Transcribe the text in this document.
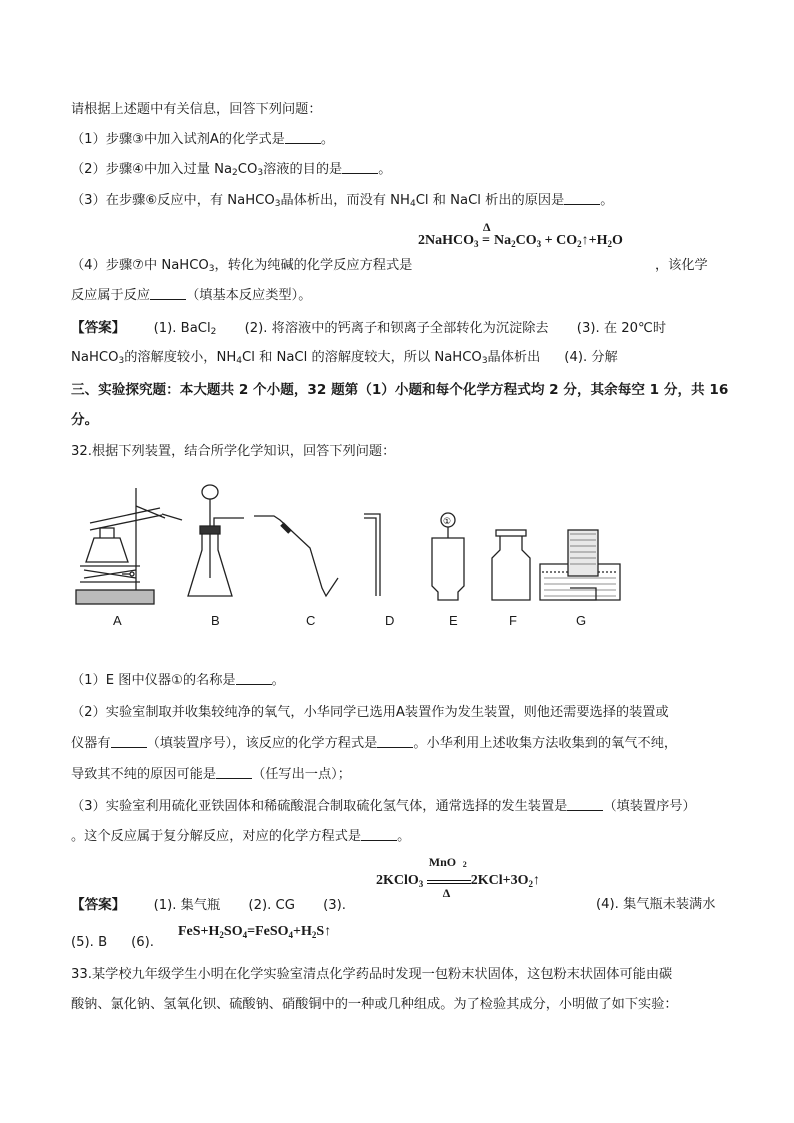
请根据上述题中有关信息，回答下列问题：
（1）步骤③中加入试剂A的化学式是	。
（2）步骤④中加入过量 $Na_2CO_3$溶液的目的是	。
（3）在步骤⑥反应中，有 NaHCO$_3$晶体析出，而没有 $NH_4Cl$ 和 NaCl 析出的原因是	。
2NaHCO$_3$
Δ
$=Na_2CO_3$ + $CO_2↑+H_2O$
（4）步骤⑦中 NaHCO$_3$，转化为纯碱的化学反应方程式是	，该化学
反应属于反应	（填基本反应类型）。
【答案】 (1). BaCl$_2$ (2). 将溶液中的钙离子和钡离子全部转化为沉淀除去 (3). 在 20℃时
NaHCO$_3$的溶解度较小，$NH_4Cl$ 和 NaCl 的溶解度较大，所以 NaHCO$_3$晶体析出 (4). 分解
三、实验探究题：本大题共 2 个小题，32 题第（1）小题和每个化学方程式均 2 分，其余每空 1 分，共 16
分。
32.根据下列装置，结合所学化学知识，回答下列问题：
①
A	B	C	D	E	F	G
（1）E 图中仪器①的名称是	。
（2）实验室制取并收集较纯净的氧气，小华同学已选用A装置作为发生装置，则他还需要选择的装置或
仪器有	（填装置序号），该反应的化学方程式是	。小华利用上述收集方法收集到的氧气不纯，
导致其不纯的原因可能是	（任写出一点）；
（3）实验室利用硫化亚铁固体和稀硫酸混合制取硫化氢气体，通常选择的发生装置是	（填装置序号）
。这个反应属于复分解反应，对应的化学方程式是	。
2KClO$_3$
MnO 2
Δ
$2KCl+3O_2↑$
【答案】 (1). 集气瓶 (2). CG (3).	(4). 集气瓶未装满水
(5). B (6).
$FeS+H_2SO_4=FeSO_4+H_2S↑$
33.某学校九年级学生小明在化学实验室清点化学药品时发现一包粉末状固体，这包粉末状固体可能由碳
酸钠、氯化钠、氢氧化钡、硫酸钠、硝酸铜中的一种或几种组成。为了检验其成分，小明做了如下实验：
